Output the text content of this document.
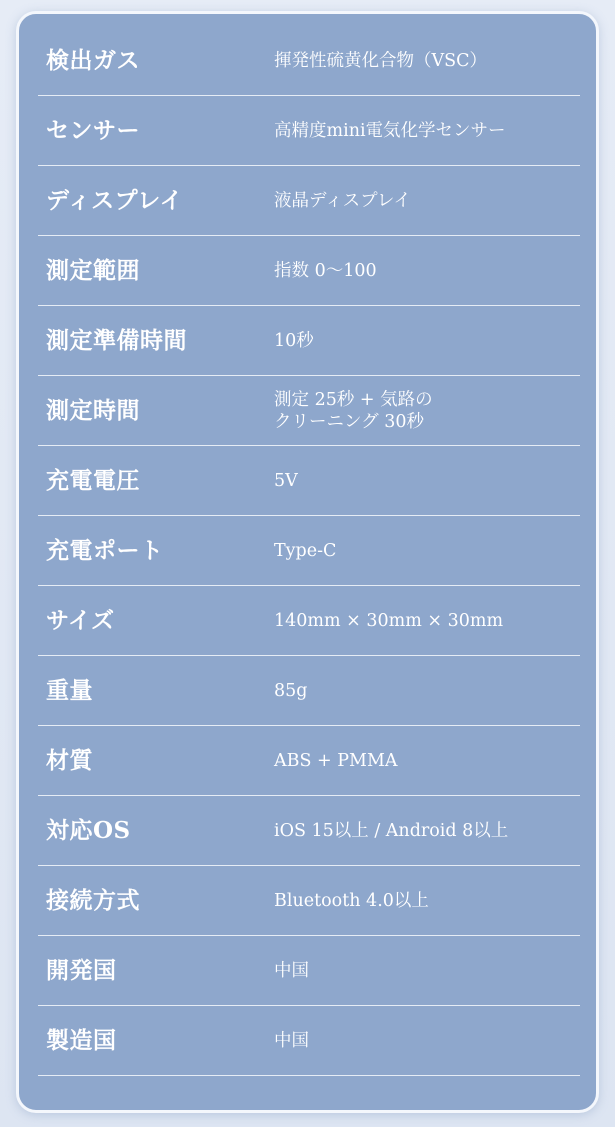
検出ガス	揮発性硫黄化合物（VSC）
センサー	高精度mini電気化学センサー
ディスプレイ	液晶ディスプレイ
測定範囲	指数 0～100
測定準備時間	10秒
測定時間	測定 25秒 + 気路の
クリーニング 30秒
充電電圧	5V
充電ポート	Type-C
サイズ	140mm × 30mm × 30mm
重量	85g
材質	ABS + PMMA
対応OS	iOS 15以上 / Android 8以上
接続方式	Bluetooth 4.0以上
開発国	中国
製造国	中国
